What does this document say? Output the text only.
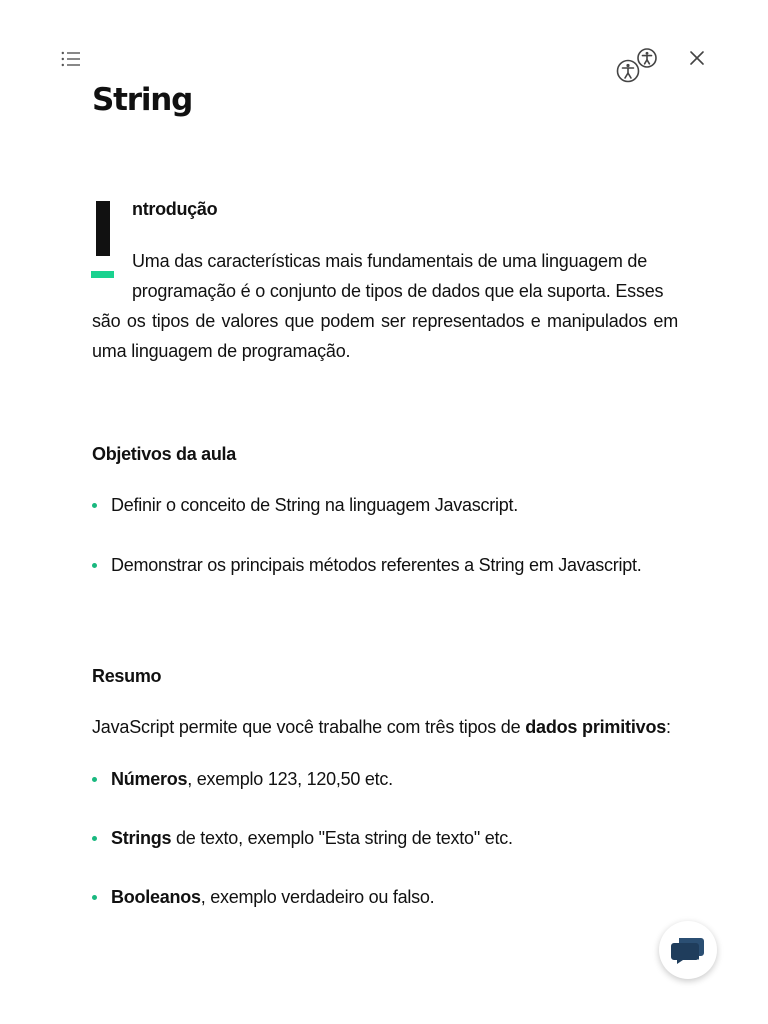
String

ntrodução

Uma das características mais fundamentais de uma linguagem de

programação é o conjunto de tipos de dados que ela suporta. Esses

são os tipos de valores que podem ser representados e manipulados em uma linguagem de programação.

Objetivos da aula

Definir o conceito de String na linguagem Javascript.
Demonstrar os principais métodos referentes a String em Javascript.

Resumo

JavaScript permite que você trabalhe com três tipos de dados primitivos:

Números, exemplo 123, 120,50 etc.
Strings de texto, exemplo "Esta string de texto" etc.
Booleanos, exemplo verdadeiro ou falso.
